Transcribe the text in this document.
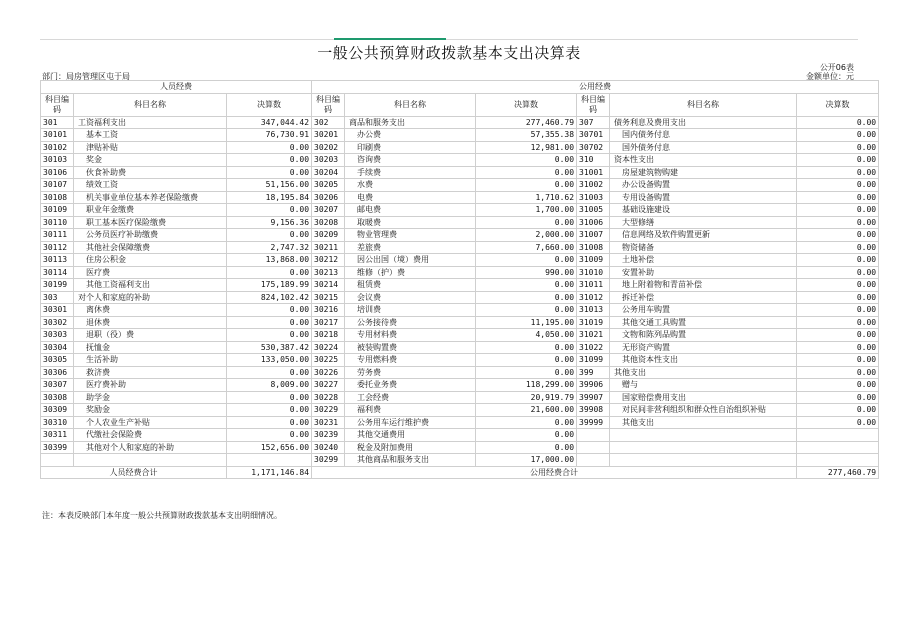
一般公共预算财政拨款基本支出决算表
部门：局房管理区屯于局
公开06表
金额单位：元
人员经费			公用经费					
科目编码	科目名称	决算数	科目编码	科目名称	决算数	科目编码	科目名称	决算数
301	工资福利支出	347,044.42	302	商品和服务支出	277,460.79	307	债务利息及费用支出	0.00
30101	基本工资	76,730.91	30201	办公费	57,355.38	30701	国内债务付息	0.00
30102	津贴补贴	0.00	30202	印刷费	12,981.00	30702	国外债务付息	0.00
30103	奖金	0.00	30203	咨询费	0.00	310	资本性支出	0.00
30106	伙食补助费	0.00	30204	手续费	0.00	31001	房屋建筑物购建	0.00
30107	绩效工资	51,156.00	30205	水费	0.00	31002	办公设备购置	0.00
30108	机关事业单位基本养老保险缴费	18,195.84	30206	电费	1,710.62	31003	专用设备购置	0.00
30109	职业年金缴费	0.00	30207	邮电费	1,700.00	31005	基础设施建设	0.00
30110	职工基本医疗保险缴费	9,156.36	30208	取暖费	0.00	31006	大型修缮	0.00
30111	公务员医疗补助缴费	0.00	30209	物业管理费	2,000.00	31007	信息网络及软件购置更新	0.00
30112	其他社会保障缴费	2,747.32	30211	差旅费	7,660.00	31008	物资储备	0.00
30113	住房公积金	13,868.00	30212	因公出国（境）费用	0.00	31009	土地补偿	0.00
30114	医疗费	0.00	30213	维修（护）费	990.00	31010	安置补助	0.00
30199	其他工资福利支出	175,189.99	30214	租赁费	0.00	31011	地上附着物和青苗补偿	0.00
303	对个人和家庭的补助	824,102.42	30215	会议费	0.00	31012	拆迁补偿	0.00
30301	离休费	0.00	30216	培训费	0.00	31013	公务用车购置	0.00
30302	退休费	0.00	30217	公务接待费	11,195.00	31019	其他交通工具购置	0.00
30303	退职（役）费	0.00	30218	专用材料费	4,050.00	31021	文物和陈列品购置	0.00
30304	抚恤金	530,387.42	30224	被装购置费	0.00	31022	无形资产购置	0.00
30305	生活补助	133,050.00	30225	专用燃料费	0.00	31099	其他资本性支出	0.00
30306	救济费	0.00	30226	劳务费	0.00	399	其他支出	0.00
30307	医疗费补助	8,009.00	30227	委托业务费	118,299.00	39906	赠与	0.00
30308	助学金	0.00	30228	工会经费	20,919.79	39907	国家赔偿费用支出	0.00
30309	奖励金	0.00	30229	福利费	21,600.00	39908	对民间非营利组织和群众性自治组织补贴	0.00
30310	个人农业生产补贴	0.00	30231	公务用车运行维护费	0.00	39999	其他支出	0.00
30311	代缴社会保险费	0.00	30239	其他交通费用	0.00			
30399	其他对个人和家庭的补助	152,656.00	30240	税金及附加费用	0.00			
			30299	其他商品和服务支出	17,000.00			
人员经费合计		1,171,146.84	公用经费合计					277,460.79
注：本表反映部门本年度一般公共预算财政拨款基本支出明细情况。
